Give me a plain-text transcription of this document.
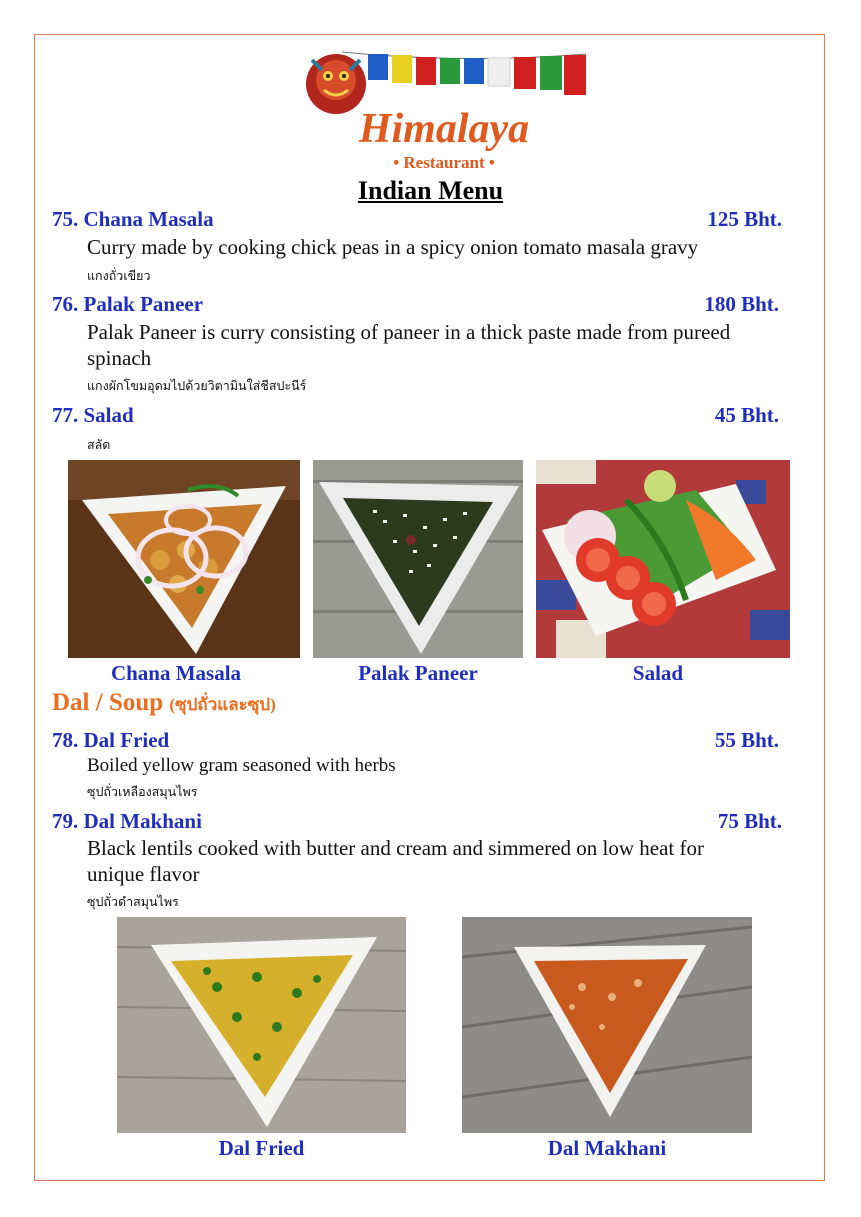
Himalaya
• Restaurant •
Indian Menu
75. Chana Masala	125 Bht.
Curry made by cooking chick peas in a spicy onion tomato masala gravy
แกงถั่วเขียว
76. Palak Paneer	180 Bht.
Palak Paneer is curry consisting of paneer in a thick paste made from pureed
spinach
แกงผักโขมอุดมไปด้วยวิตามินใส่ชีสปะนีร์
77. Salad	45 Bht.
สลัด
Chana Masala	Palak Paneer	Salad
Dal / Soup (ซุปถั่วและซุป)
78. Dal Fried	55 Bht.
Boiled yellow gram seasoned with herbs
ซุปถั่วเหลืองสมุนไพร
79. Dal Makhani	75 Bht.
Black lentils cooked with butter and cream and simmered on low heat for
unique flavor
ซุปถั่วดำสมุนไพร
Dal Fried	Dal Makhani
